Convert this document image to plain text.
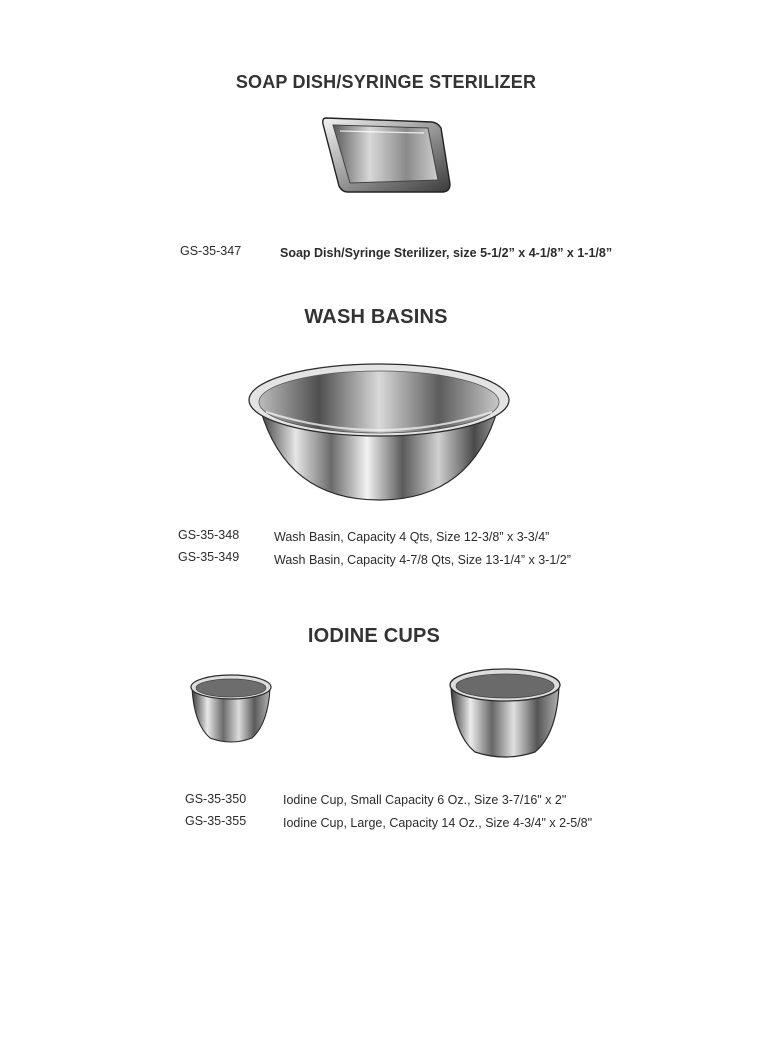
SOAP DISH/SYRINGE STERILIZER
GS-35-347	Soap Dish/Syringe Sterilizer, size 5-1/2” x 4-1/8” x 1-1/8”
WASH BASINS
GS-35-348	Wash Basin, Capacity 4 Qts, Size 12-3/8” x 3-3/4”
GS-35-349	Wash Basin, Capacity 4-7/8 Qts, Size 13-1/4” x 3-1/2”
IODINE CUPS
GS-35-350	Iodine Cup, Small Capacity 6 Oz., Size 3-7/16" x 2"
GS-35-355	Iodine Cup, Large, Capacity 14 Oz., Size 4-3/4" x 2-5/8"
